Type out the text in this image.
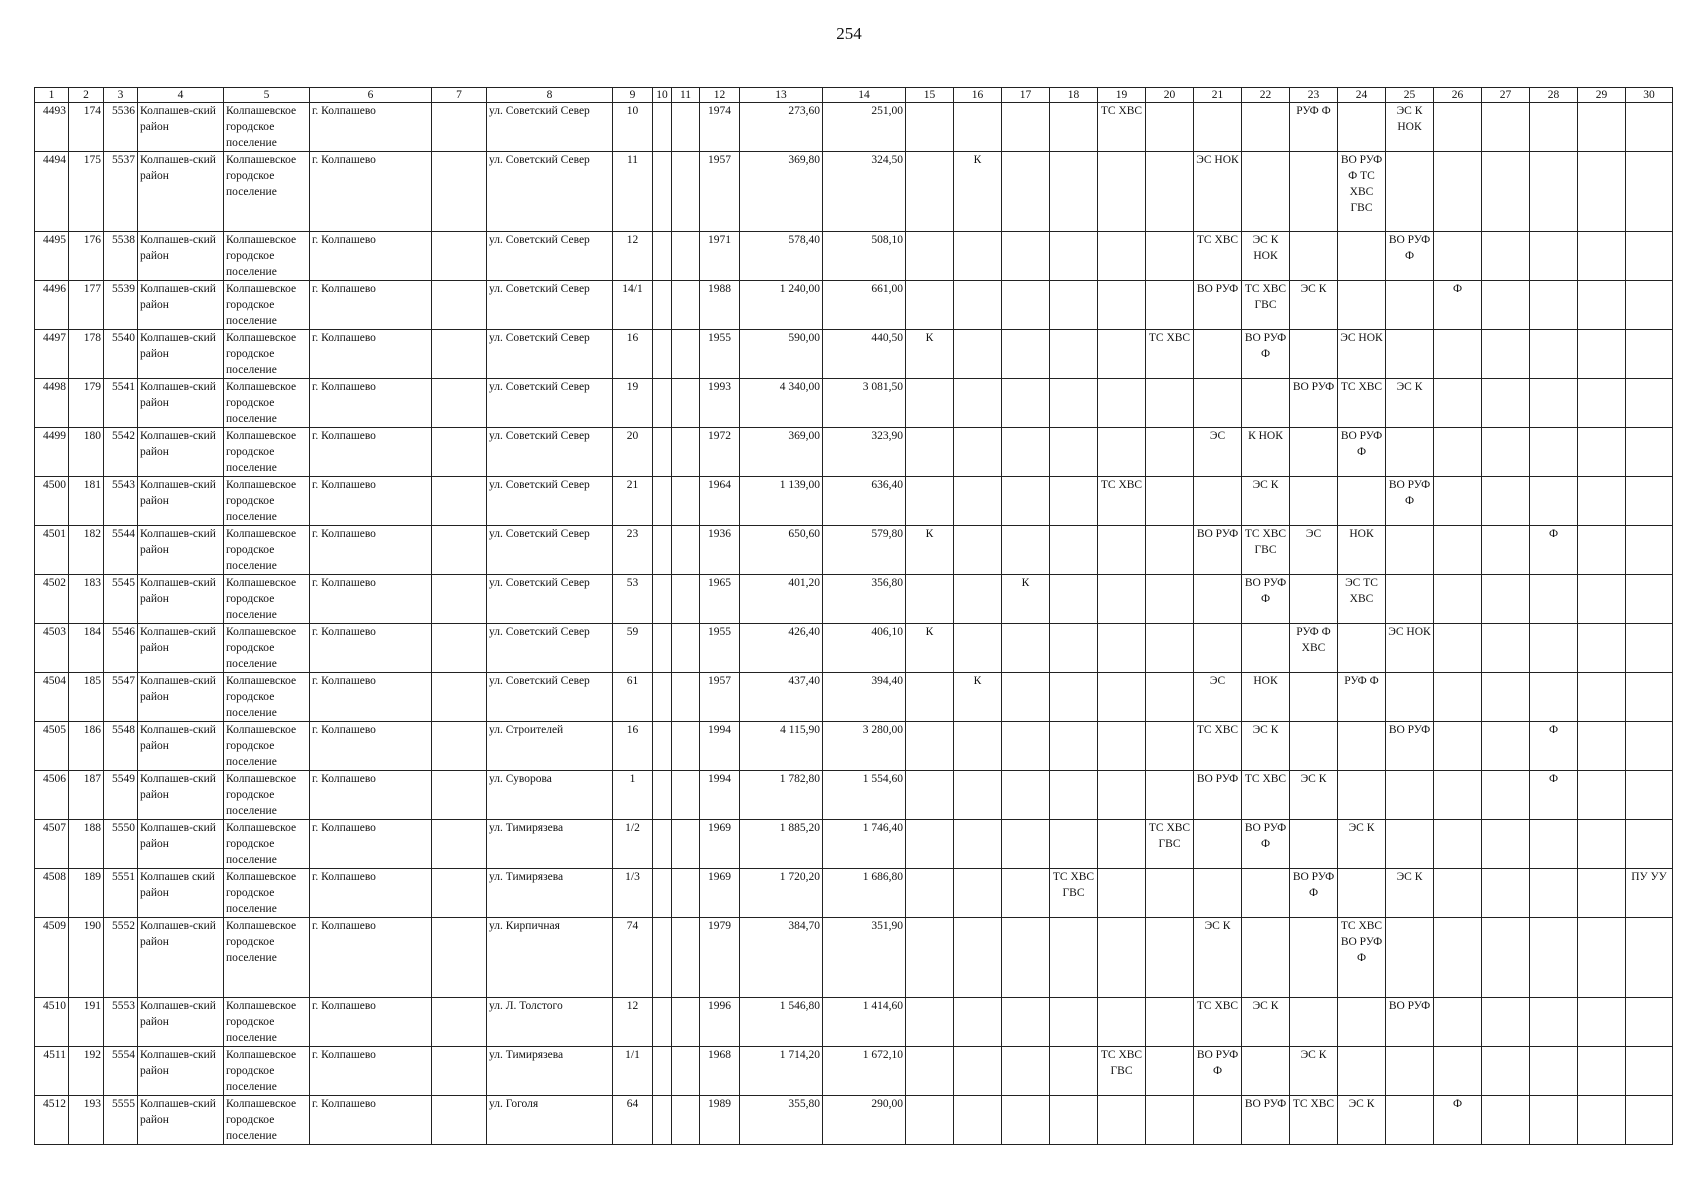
254
1	2	3	4	5	6	7	8	9	10	11	12	13	14	15	16	17	18	19	20	21	22	23	24	25	26	27	28	29	30
4493	174	5536	Колпашев-ский район	Колпашевское городское поселение	г. Колпашево		ул. Советский Север	10			1974	273,60	251,00					ТС ХВС				РУФ Ф		ЭС К НОК					
4494	175	5537	Колпашев-ский район	Колпашевское городское поселение	г. Колпашево		ул. Советский Север	11			1957	369,80	324,50		К					ЭС НОК			ВО РУФ Ф ТС ХВС ГВС						
4495	176	5538	Колпашев-ский район	Колпашевское городское поселение	г. Колпашево		ул. Советский Север	12			1971	578,40	508,10							ТС ХВС	ЭС К НОК			ВО РУФ Ф					
4496	177	5539	Колпашев-ский район	Колпашевское городское поселение	г. Колпашево		ул. Советский Север	14/1			1988	1 240,00	661,00							ВО РУФ	ТС ХВС ГВС	ЭС К			Ф				
4497	178	5540	Колпашев-ский район	Колпашевское городское поселение	г. Колпашево		ул. Советский Север	16			1955	590,00	440,50	К					ТС ХВС		ВО РУФ Ф		ЭС НОК						
4498	179	5541	Колпашев-ский район	Колпашевское городское поселение	г. Колпашево		ул. Советский Север	19			1993	4 340,00	3 081,50									ВО РУФ	ТС ХВС	ЭС К					
4499	180	5542	Колпашев-ский район	Колпашевское городское поселение	г. Колпашево		ул. Советский Север	20			1972	369,00	323,90							ЭС	К НОК		ВО РУФ Ф						
4500	181	5543	Колпашев-ский район	Колпашевское городское поселение	г. Колпашево		ул. Советский Север	21			1964	1 139,00	636,40					ТС ХВС			ЭС К			ВО РУФ Ф					
4501	182	5544	Колпашев-ский район	Колпашевское городское поселение	г. Колпашево		ул. Советский Север	23			1936	650,60	579,80	К						ВО РУФ	ТС ХВС ГВС	ЭС	НОК				Ф		
4502	183	5545	Колпашев-ский район	Колпашевское городское поселение	г. Колпашево		ул. Советский Север	53			1965	401,20	356,80			К					ВО РУФ Ф		ЭС ТС ХВС						
4503	184	5546	Колпашев-ский район	Колпашевское городское поселение	г. Колпашево		ул. Советский Север	59			1955	426,40	406,10	К								РУФ Ф ХВС		ЭС НОК					
4504	185	5547	Колпашев-ский район	Колпашевское городское поселение	г. Колпашево		ул. Советский Север	61			1957	437,40	394,40		К					ЭС	НОК		РУФ Ф						
4505	186	5548	Колпашев-ский район	Колпашевское городское поселение	г. Колпашево		ул. Строителей	16			1994	4 115,90	3 280,00							ТС ХВС	ЭС К			ВО РУФ			Ф		
4506	187	5549	Колпашев-ский район	Колпашевское городское поселение	г. Колпашево		ул. Суворова	1			1994	1 782,80	1 554,60							ВО РУФ	ТС ХВС	ЭС К					Ф		
4507	188	5550	Колпашев-ский район	Колпашевское городское поселение	г. Колпашево		ул. Тимирязева	1/2			1969	1 885,20	1 746,40						ТС ХВС ГВС		ВО РУФ Ф		ЭС К						
4508	189	5551	Колпашев ский район	Колпашевское городское поселение	г. Колпашево		ул. Тимирязева	1/3			1969	1 720,20	1 686,80				ТС ХВС ГВС					ВО РУФ Ф		ЭС К					ПУ УУ
4509	190	5552	Колпашев-ский район	Колпашевское городское поселение	г. Колпашево		ул. Кирпичная	74			1979	384,70	351,90							ЭС К			ТС ХВС ВО РУФ Ф						
4510	191	5553	Колпашев-ский район	Колпашевское городское поселение	г. Колпашево		ул. Л. Толстого	12			1996	1 546,80	1 414,60							ТС ХВС	ЭС К			ВО РУФ					
4511	192	5554	Колпашев-ский район	Колпашевское городское поселение	г. Колпашево		ул. Тимирязева	1/1			1968	1 714,20	1 672,10					ТС ХВС ГВС		ВО РУФ Ф		ЭС К							
4512	193	5555	Колпашев-ский район	Колпашевское городское поселение	г. Колпашево		ул. Гоголя	64			1989	355,80	290,00								ВО РУФ	ТС ХВС	ЭС К		Ф				
